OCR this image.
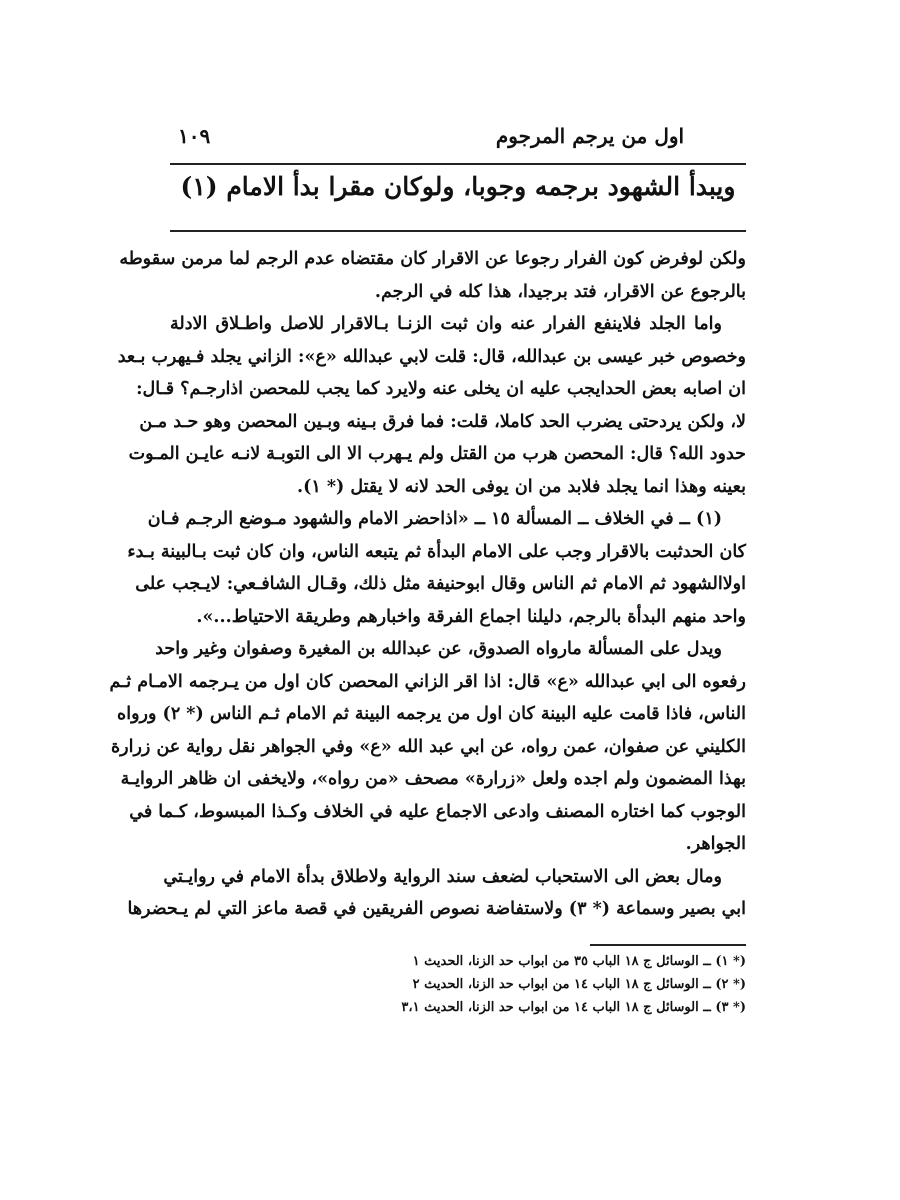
اول من يرجم المرجوم
١٠٩
ويبدأ الشهود برجمه وجوبا، ولوكان مقرا بدأ الامام (١)
ولكن لوفرض كون الفرار رجوعا عن الاقرار كان مقتضاه عدم الرجم لما مرمن سقوطه
بالرجوع عن الاقرار، فتد برجيدا، هذا كله في الرجم.
واما الجلد فلاينفع الفرار عنه وان ثبت الزنـا بـالاقرار للاصل واطـلاق الادلة
وخصوص خبر عيسى بن عبدالله، قال: قلت لابي عبدالله «ع»: الزاني يجلد فـيهرب بـعد
ان اصابه بعض الحدايجب عليه ان يخلى عنه ولايرد كما يجب للمحصن اذارجـم؟ قـال:
لا، ولكن يردحتى يضرب الحد كاملا، قلت: فما فرق بـينه وبـين المحصن وهو حـد مـن
حدود الله؟ قال: المحصن هرب من القتل ولم يـهرب الا الى التوبـة لانـه عايـن المـوت
بعينه وهذا انما يجلد فلابد من ان يوفى الحد لانه لا يقتل (* ١).
(١) ــ في الخلاف ــ المسألة ١٥ ــ «اذاحضر الامام والشهود مـوضع الرجـم فـان
كان الحدثبت بالاقرار وجب على الامام البدأة ثم يتبعه الناس، وان كان ثبت بـالبينة بـدء
اولاالشهود ثم الامام ثم الناس وقال ابوحنيفة مثل ذلك، وقـال الشافـعي: لايـجب على
واحد منهم البدأة بالرجم، دليلنا اجماع الفرقة واخبارهم وطريقة الاحتياط...».
ويدل على المسألة مارواه الصدوق، عن عبدالله بن المغيرة وصفوان وغير واحد
رفعوه الى ابي عبدالله «ع» قال: اذا اقر الزاني المحصن كان اول من يـرجمه الامـام ثـم
الناس، فاذا قامت عليه البينة كان اول من يرجمه البينة ثم الامام ثـم الناس (* ٢) ورواه
الكليني عن صفوان، عمن رواه، عن ابي عبد الله «ع» وفي الجواهر نقل رواية عن زرارة
بهذا المضمون ولم اجده ولعل «زرارة» مصحف «من رواه»، ولايخفى ان ظاهر الروايـة
الوجوب كما اختاره المصنف وادعى الاجماع عليه في الخلاف وكـذا المبسوط، كـما في
الجواهر.
ومال بعض الى الاستحباب لضعف سند الرواية ولاطلاق بدأة الامام في روايـتي
ابي بصير وسماعة (* ٣) ولاستفاضة نصوص الفريقين في قصة ماعز التي لم يـحضرها
(* ١) ــ الوسائل ج ١٨ الباب ٣٥ من ابواب حد الزنا، الحديث ١
(* ٢) ــ الوسائل ج ١٨ الباب ١٤ من ابواب حد الزنا، الحديث ٢
(* ٣) ــ الوسائل ج ١٨ الباب ١٤ من ابواب حد الزنا، الحديث ٣،١
